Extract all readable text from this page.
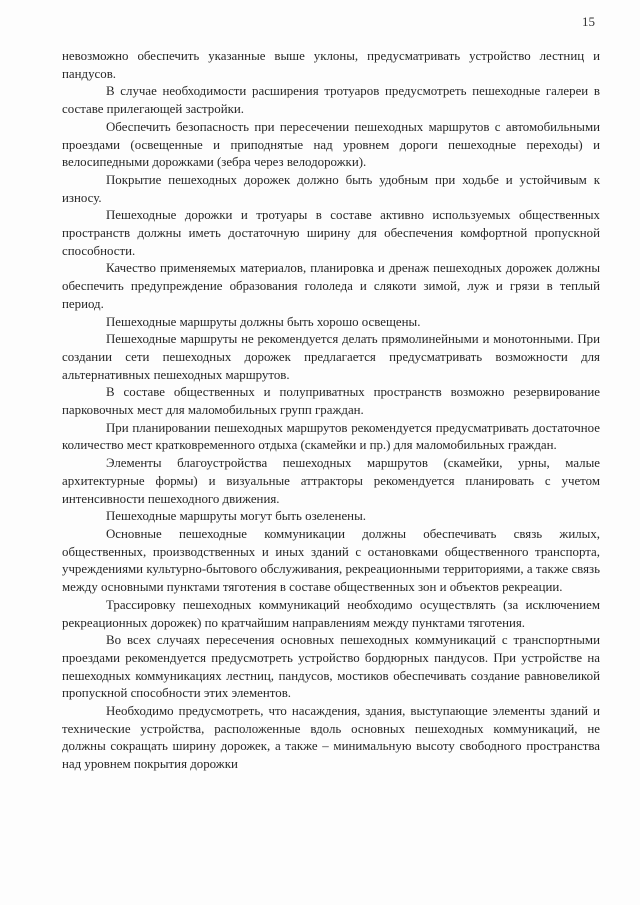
15

невозможно обеспечить указанные выше уклоны, предусматривать устройство лестниц и пандусов.

В случае необходимости расширения тротуаров предусмотреть пешеходные галереи в составе прилегающей застройки.

Обеспечить безопасность при пересечении пешеходных маршрутов с автомобильными проездами (освещенные и приподнятые над уровнем дороги пешеходные переходы) и велосипедными дорожками (зебра через велодорожки).

Покрытие пешеходных дорожек должно быть удобным при ходьбе и устойчивым к износу.

Пешеходные дорожки и тротуары в составе активно используемых общественных пространств должны иметь достаточную ширину для обеспечения комфортной пропускной способности.

Качество применяемых материалов, планировка и дренаж пешеходных дорожек должны обеспечить предупреждение образования гололеда и слякоти зимой, луж и грязи в теплый период.

Пешеходные маршруты должны быть хорошо освещены.

Пешеходные маршруты не рекомендуется делать прямолинейными и монотонными. При создании сети пешеходных дорожек предлагается предусматривать возможности для альтернативных пешеходных маршрутов.

В составе общественных и полуприватных пространств возможно резервирование парковочных мест для маломобильных групп граждан.

При планировании пешеходных маршрутов рекомендуется предусматривать достаточное количество мест кратковременного отдыха (скамейки и пр.) для маломобильных граждан.

Элементы благоустройства пешеходных маршрутов (скамейки, урны, малые архитектурные формы) и визуальные аттракторы рекомендуется планировать с учетом интенсивности пешеходного движения.

Пешеходные маршруты могут быть озеленены.

Основные пешеходные коммуникации должны обеспечивать связь жилых, общественных, производственных и иных зданий с остановками общественного транспорта, учреждениями культурно-бытового обслуживания, рекреационными территориями, а также связь между основными пунктами тяготения в составе общественных зон и объектов рекреации.

Трассировку пешеходных коммуникаций необходимо осуществлять (за исключением рекреационных дорожек) по кратчайшим направлениям между пунктами тяготения.

Во всех случаях пересечения основных пешеходных коммуникаций с транспортными проездами рекомендуется предусмотреть устройство бордюрных пандусов. При устройстве на пешеходных коммуникациях лестниц, пандусов, мостиков обеспечивать создание равновеликой пропускной способности этих элементов.

Необходимо предусмотреть, что насаждения, здания, выступающие элементы зданий и технические устройства, расположенные вдоль основных пешеходных коммуникаций, не должны сокращать ширину дорожек, а также – минимальную высоту свободного пространства над уровнем покрытия дорожки
